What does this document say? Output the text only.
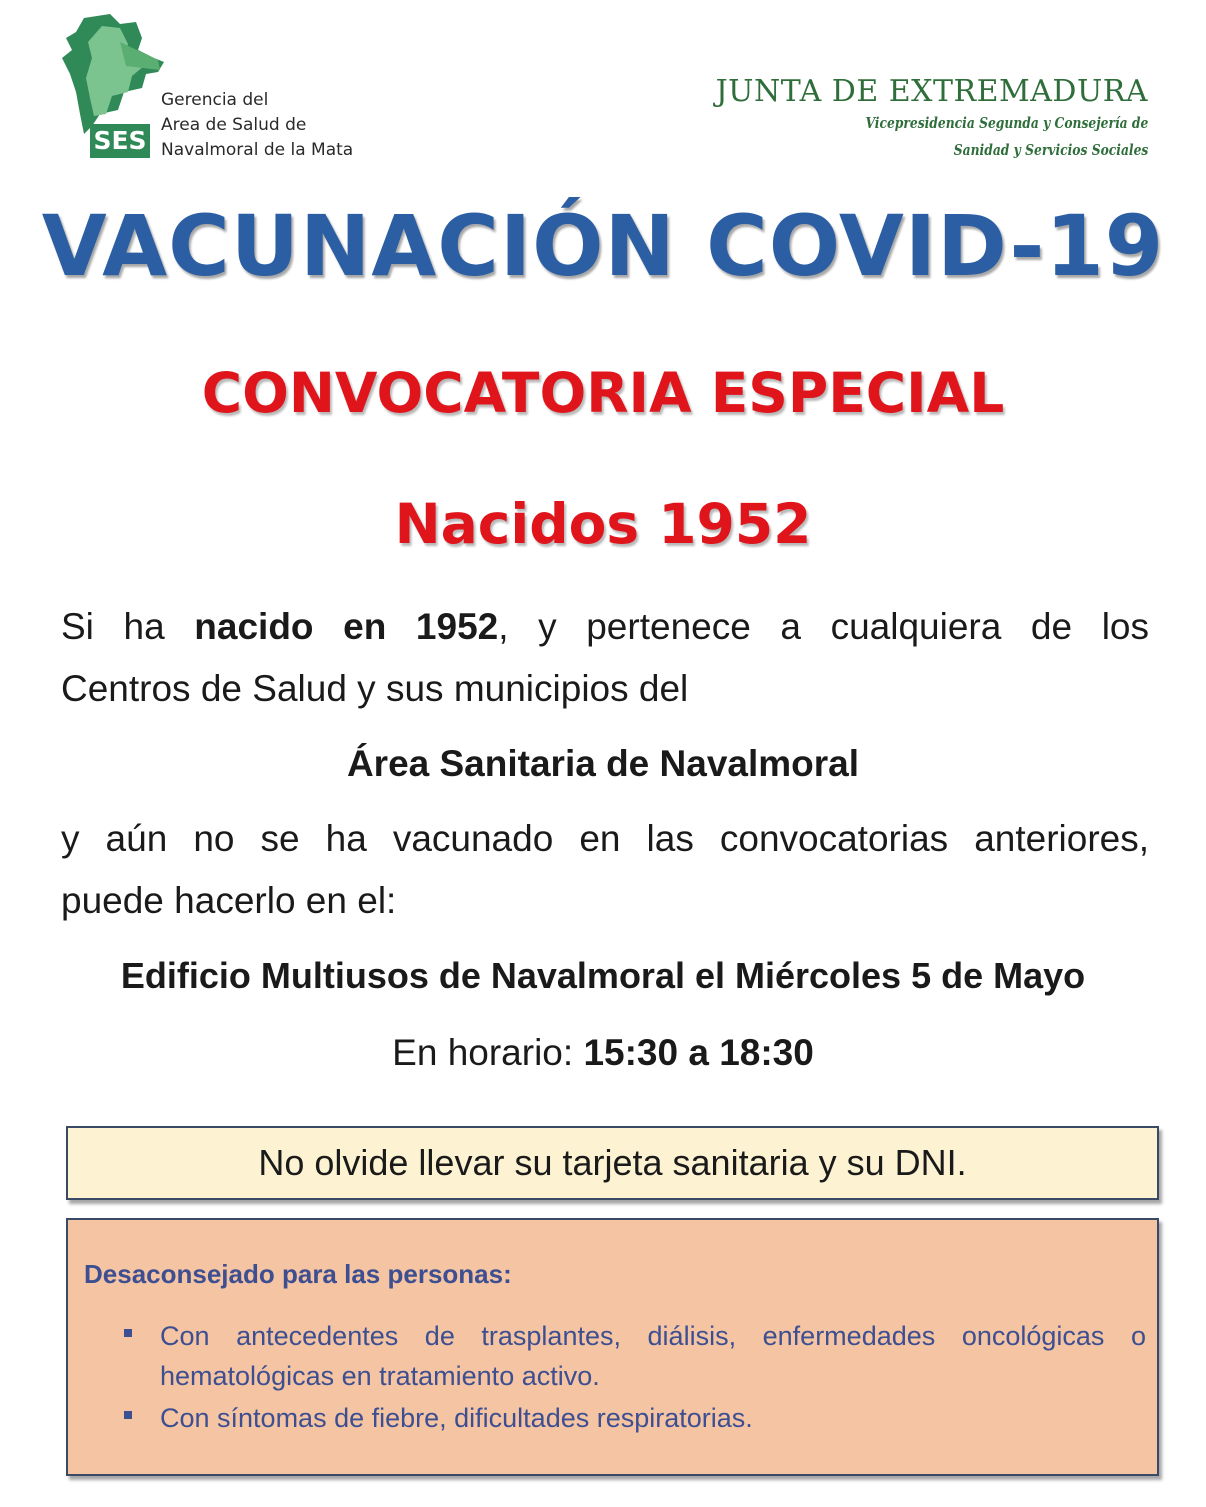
SES
Gerencia del
Area de Salud de
Navalmoral de la Mata
JUNTA DE EXTREMADURA
Vicepresidencia Segunda y Consejería de
Sanidad y Servicios Sociales
VACUNACIÓN COVID-19
CONVOCATORIA ESPECIAL
Nacidos 1952
Si ha nacido en 1952, y pertenece a cualquiera de los
Centros de Salud y sus municipios del
Área Sanitaria de Navalmoral
y aún no se ha vacunado en las convocatorias anteriores,
puede hacerlo en el:
Edificio Multiusos de Navalmoral el Miércoles 5 de Mayo
En horario: 15:30 a 18:30
No olvide llevar su tarjeta sanitaria y su DNI.
Desaconsejado para las personas:
Con antecedentes de trasplantes, diálisis, enfermedades oncológicas o
hematológicas en tratamiento activo.
Con síntomas de fiebre, dificultades respiratorias.
